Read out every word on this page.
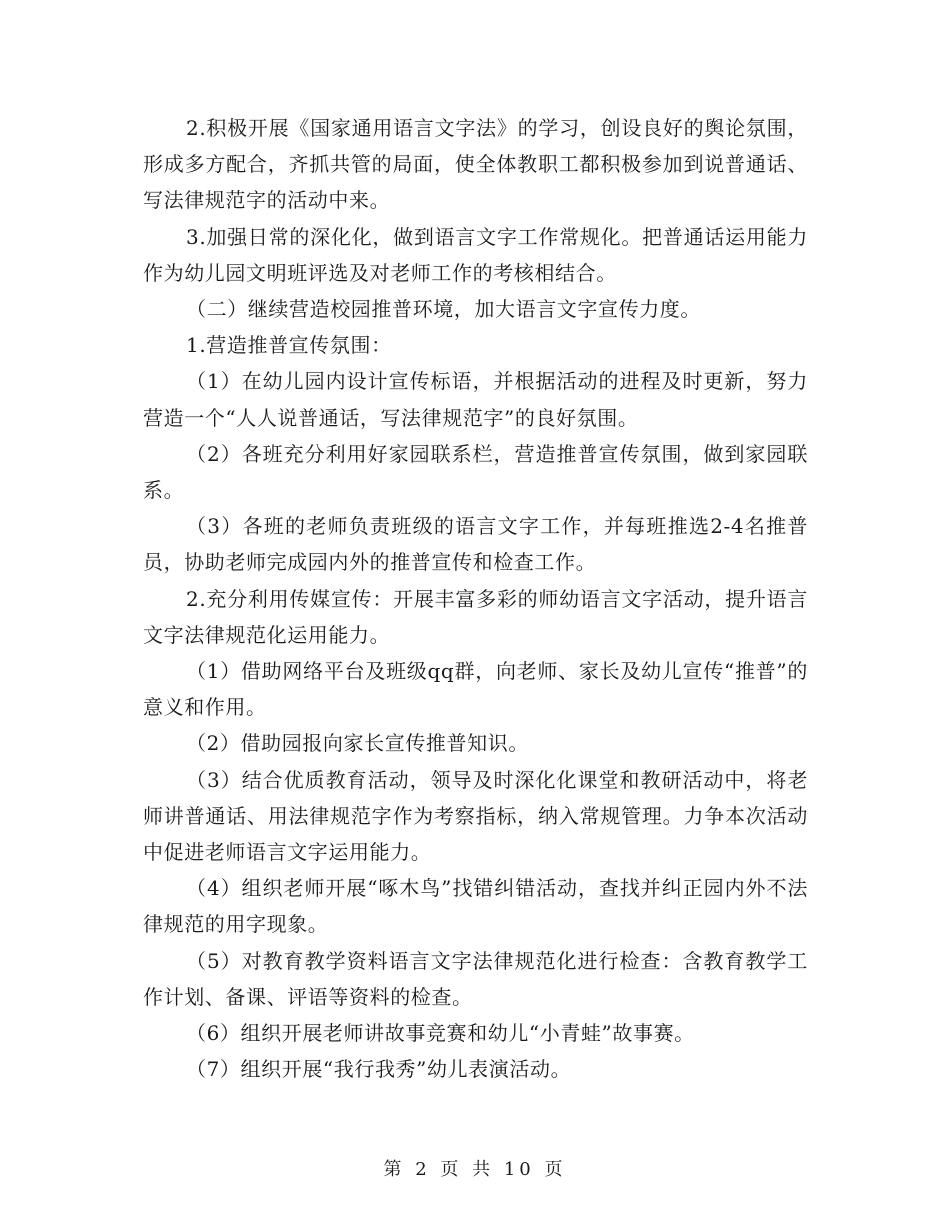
2.积极开展《国家通用语言文字法》的学习，创设良好的舆论氛围，形成多方配合，齐抓共管的局面，使全体教职工都积极参加到说普通话、写法律规范字的活动中来。

3.加强日常的深化化，做到语言文字工作常规化。把普通话运用能力作为幼儿园文明班评选及对老师工作的考核相结合。

（二）继续营造校园推普环境，加大语言文字宣传力度。

1.营造推普宣传氛围：

（1）在幼儿园内设计宣传标语，并根据活动的进程及时更新，努力营造一个“人人说普通话，写法律规范字”的良好氛围。

（2）各班充分利用好家园联系栏，营造推普宣传氛围，做到家园联系。

（3）各班的老师负责班级的语言文字工作，并每班推选2-4名推普员，协助老师完成园内外的推普宣传和检查工作。

2.充分利用传媒宣传：开展丰富多彩的师幼语言文字活动，提升语言文字法律规范化运用能力。

（1）借助网络平台及班级qq群，向老师、家长及幼儿宣传“推普”的意义和作用。

（2）借助园报向家长宣传推普知识。

（3）结合优质教育活动，领导及时深化化课堂和教研活动中，将老师讲普通话、用法律规范字作为考察指标，纳入常规管理。力争本次活动中促进老师语言文字运用能力。

（4）组织老师开展“啄木鸟”找错纠错活动，查找并纠正园内外不法律规范的用字现象。

（5）对教育教学资料语言文字法律规范化进行检查：含教育教学工作计划、备课、评语等资料的检查。

（6）组织开展老师讲故事竞赛和幼儿“小青蛙”故事赛。

（7）组织开展“我行我秀”幼儿表演活动。

第 2 页 共 10 页
